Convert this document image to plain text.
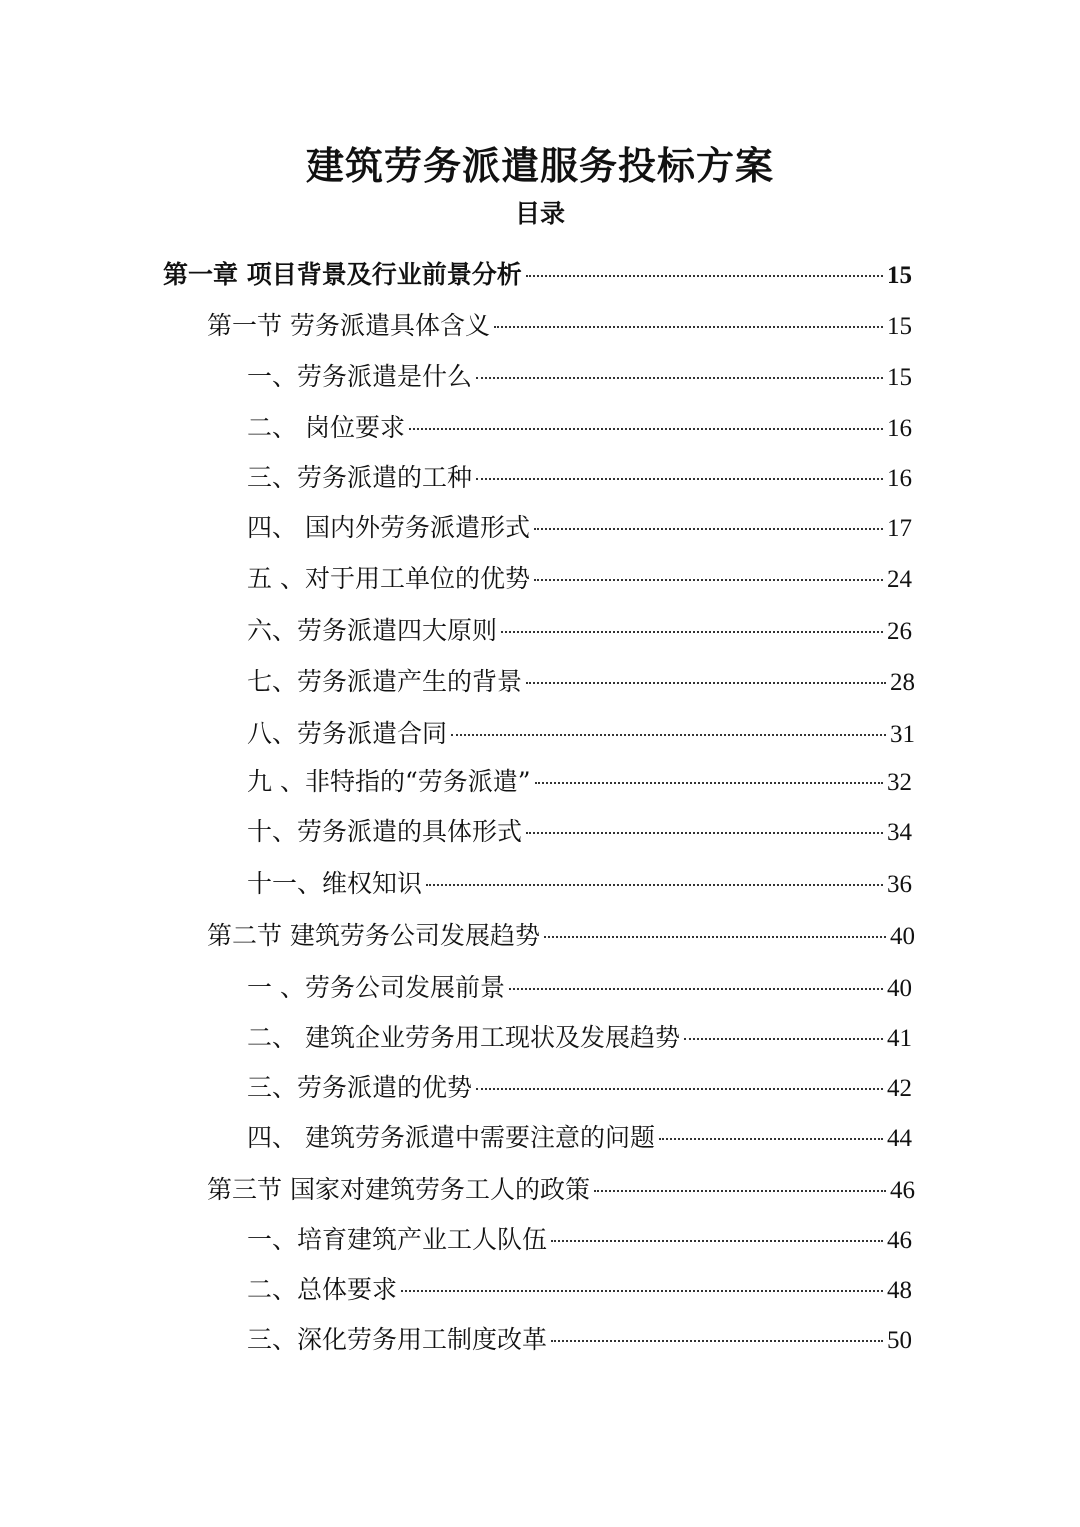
建筑劳务派遣服务投标方案
目录
第一章 项目背景及行业前景分析	15
第一节 劳务派遣具体含义	15
一、劳务派遣是什么	15
二、 岗位要求	16
三、劳务派遣的工种	16
四、 国内外劳务派遣形式	17
五 、对于用工单位的优势	24
六、劳务派遣四大原则	26
七、劳务派遣产生的背景	28
八、劳务派遣合同	31
九 、非特指的“劳务派遣”	32
十、劳务派遣的具体形式	34
十一、维权知识	36
第二节 建筑劳务公司发展趋势	40
一 、劳务公司发展前景	40
二、 建筑企业劳务用工现状及发展趋势	41
三、劳务派遣的优势	42
四、 建筑劳务派遣中需要注意的问题	44
第三节 国家对建筑劳务工人的政策	46
一、培育建筑产业工人队伍	46
二、总体要求	48
三、深化劳务用工制度改革	50
